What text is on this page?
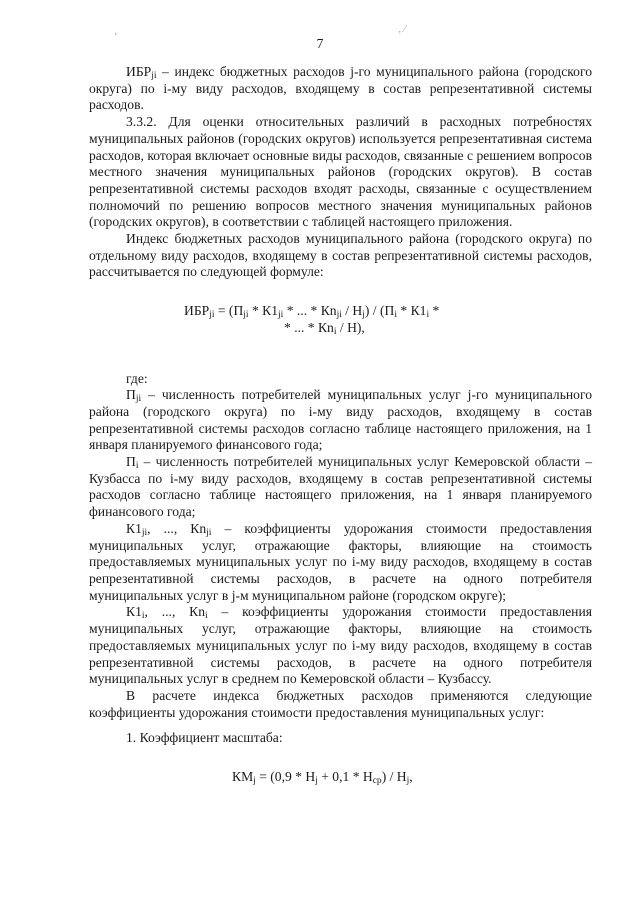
‚	‚ ⁄
7

$ИБР_{ji}$ – индекс бюджетных расходов j-го муниципального района (городского округа) по i-му виду расходов, входящему в состав репрезентативной системы расходов.

3.3.2. Для оценки относительных различий в расходных потребностях муниципальных районов (городских округов) используется репрезентативная система расходов, которая включает основные виды расходов, связанные с решением вопросов местного значения муниципальных районов (городских округов). В состав репрезентативной системы расходов входят расходы, связанные с осуществлением полномочий по решению вопросов местного значения муниципальных районов (городских округов), в соответствии с таблицей настоящего приложения.

Индекс бюджетных расходов муниципального района (городского округа) по отдельному виду расходов, входящему в состав репрезентативной системы расходов, рассчитывается по следующей формуле:

$ИБР_{ji} = (П_{ji} * К1_{ji}$ * ... * $Кn_{ji} / Н_j) / (П_i * К1_i$ *
* ... * $Кn_i / Н$),

где:

$П_{ji}$ – численность потребителей муниципальных услуг j-го муниципального района (городского округа) по i-му виду расходов, входящему в состав репрезентативной системы расходов согласно таблице настоящего приложения, на 1 января планируемого финансового года;

$П_i$ – численность потребителей муниципальных услуг Кемеровской области – Кузбасса по i-му виду расходов, входящему в состав репрезентативной системы расходов согласно таблице настоящего приложения, на 1 января планируемого финансового года;

$К1_{ji}$, ..., $Кn_{ji}$ – коэффициенты удорожания стоимости предоставления муниципальных услуг, отражающие факторы, влияющие на стоимость предоставляемых муниципальных услуг по i-му виду расходов, входящему в состав репрезентативной системы расходов, в расчете на одного потребителя муниципальных услуг в j-м муниципальном районе (городском округе);

$К1_i$, ..., $Кn_i$ – коэффициенты удорожания стоимости предоставления муниципальных услуг, отражающие факторы, влияющие на стоимость предоставляемых муниципальных услуг по i-му виду расходов, входящему в состав репрезентативной системы расходов, в расчете на одного потребителя муниципальных услуг в среднем по Кемеровской области – Кузбассу.

В расчете индекса бюджетных расходов применяются следующие коэффициенты удорожания стоимости предоставления муниципальных услуг:

1. Коэффициент масштаба:

$КМ_j = (0,9 * Н_j + 0,1 * Н_{ср}) / Н_j$,
